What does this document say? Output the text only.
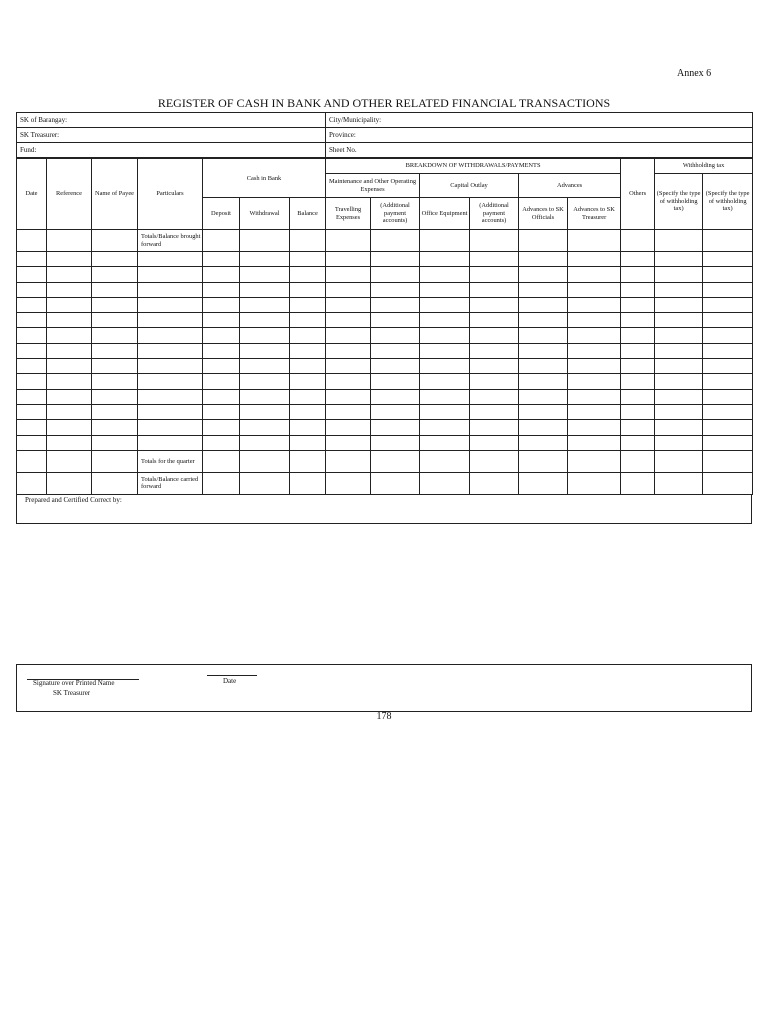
Annex 6
REGISTER OF CASH IN BANK AND OTHER RELATED FINANCIAL TRANSACTIONS
SK of Barangay:	City/Municipality:
SK Treasurer:	Province:
Fund:	Sheet No.
Date	Reference	Name of Payee	Particulars	Cash in Bank			BREAKDOWN OF WITHDRAWALS/PAYMENTS						Others	Withholding tax	
							Maintenance and Other Operating Expenses		Capital Outlay		Advances			(Specify the type of withholding tax)	(Specify the type of withholding tax)
				Deposit	Withdrawal	Balance	Travelling Expenses	(Additional payment accounts)	Office Equipment	(Additional payment accounts)	Advances to SK Officials	Advances to SK Treasurer			
			Totals/Balance brought forward												

			Totals for the quarter												
			Totals/Balance carried forward												
Prepared and Certified Correct by:
Signature over Printed Name
SK Treasurer
Date
178
